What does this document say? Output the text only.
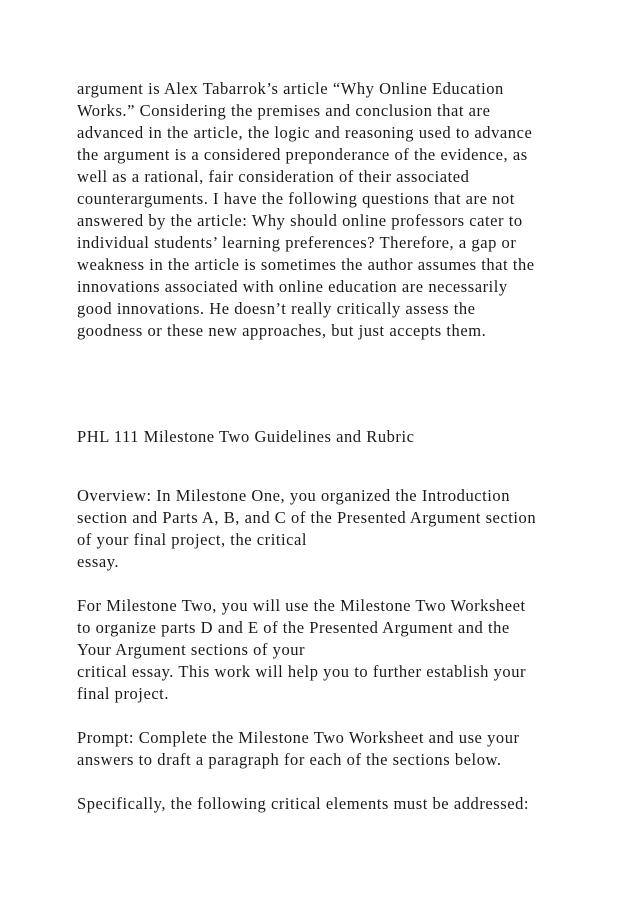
argument is Alex Tabarrok’s article “Why Online Education

Works.” Considering the premises and conclusion that are

advanced in the article, the logic and reasoning used to advance

the argument is a considered preponderance of the evidence, as

well as a rational, fair consideration of their associated

counterarguments. I have the following questions that are not

answered by the article: Why should online professors cater to

individual students’ learning preferences? Therefore, a gap or

weakness in the article is sometimes the author assumes that the

innovations associated with online education are necessarily

good innovations. He doesn’t really critically assess the

goodness or these new approaches, but just accepts them.

PHL 111 Milestone Two Guidelines and Rubric

Overview: In Milestone One, you organized the Introduction

section and Parts A, B, and C of the Presented Argument section

of your final project, the critical

essay.

For Milestone Two, you will use the Milestone Two Worksheet

to organize parts D and E of the Presented Argument and the

Your Argument sections of your

critical essay. This work will help you to further establish your

final project.

Prompt: Complete the Milestone Two Worksheet and use your

answers to draft a paragraph for each of the sections below.

Specifically, the following critical elements must be addressed:
